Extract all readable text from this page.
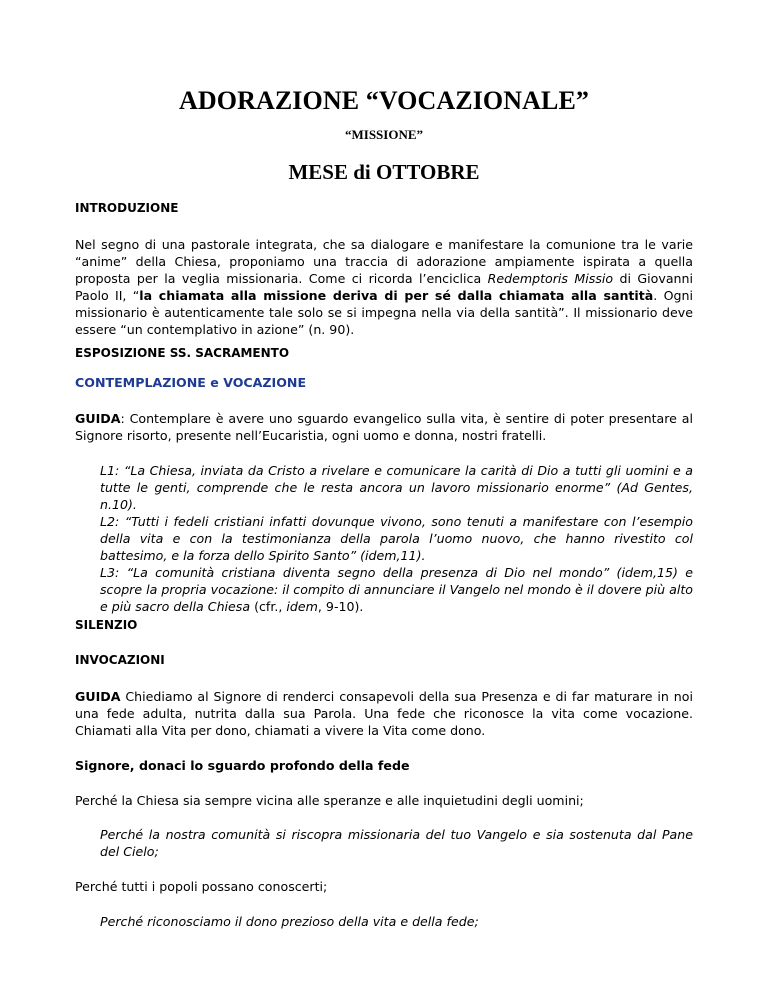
ADORAZIONE “VOCAZIONALE”

“MISSIONE”

MESE di OTTOBRE

INTRODUZIONE

Nel segno di una pastorale integrata, che sa dialogare e manifestare la comunione tra le varie “anime” della Chiesa, proponiamo una traccia di adorazione ampiamente ispirata a quella proposta per la veglia missionaria. Come ci ricorda l’enciclica Redemptoris Missio di Giovanni Paolo II, “la chiamata alla missione deriva di per sé dalla chiamata alla santità. Ogni missionario è autenticamente tale solo se si impegna nella via della santità”. Il missionario deve essere “un contemplativo in azione” (n. 90).

ESPOSIZIONE SS. SACRAMENTO

CONTEMPLAZIONE e VOCAZIONE

GUIDA: Contemplare è avere uno sguardo evangelico sulla vita, è sentire di poter presentare al Signore risorto, presente nell’Eucaristia, ogni uomo e donna, nostri fratelli.

L1: “La Chiesa, inviata da Cristo a rivelare e comunicare la carità di Dio a tutti gli uomini e a tutte le genti, comprende che le resta ancora un lavoro missionario enorme” (Ad Gentes, n.10).
L2: “Tutti i fedeli cristiani infatti dovunque vivono, sono tenuti a manifestare con l’esempio della vita e con la testimonianza della parola l’uomo nuovo, che hanno rivestito col battesimo, e la forza dello Spirito Santo” (idem,11).
L3: “La comunità cristiana diventa segno della presenza di Dio nel mondo” (idem,15) e scopre la propria vocazione: il compito di annunciare il Vangelo nel mondo è il dovere più alto e più sacro della Chiesa (cfr., idem, 9-10).

SILENZIO

INVOCAZIONI

GUIDA Chiediamo al Signore di renderci consapevoli della sua Presenza e di far maturare in noi una fede adulta, nutrita dalla sua Parola. Una fede che riconosce la vita come vocazione. Chiamati alla Vita per dono, chiamati a vivere la Vita come dono.

Signore, donaci lo sguardo profondo della fede

Perché la Chiesa sia sempre vicina alle speranze e alle inquietudini degli uomini;

Perché la nostra comunità si riscopra missionaria del tuo Vangelo e sia sostenuta dal Pane del Cielo;

Perché tutti i popoli possano conoscerti;

Perché riconosciamo il dono prezioso della vita e della fede;
